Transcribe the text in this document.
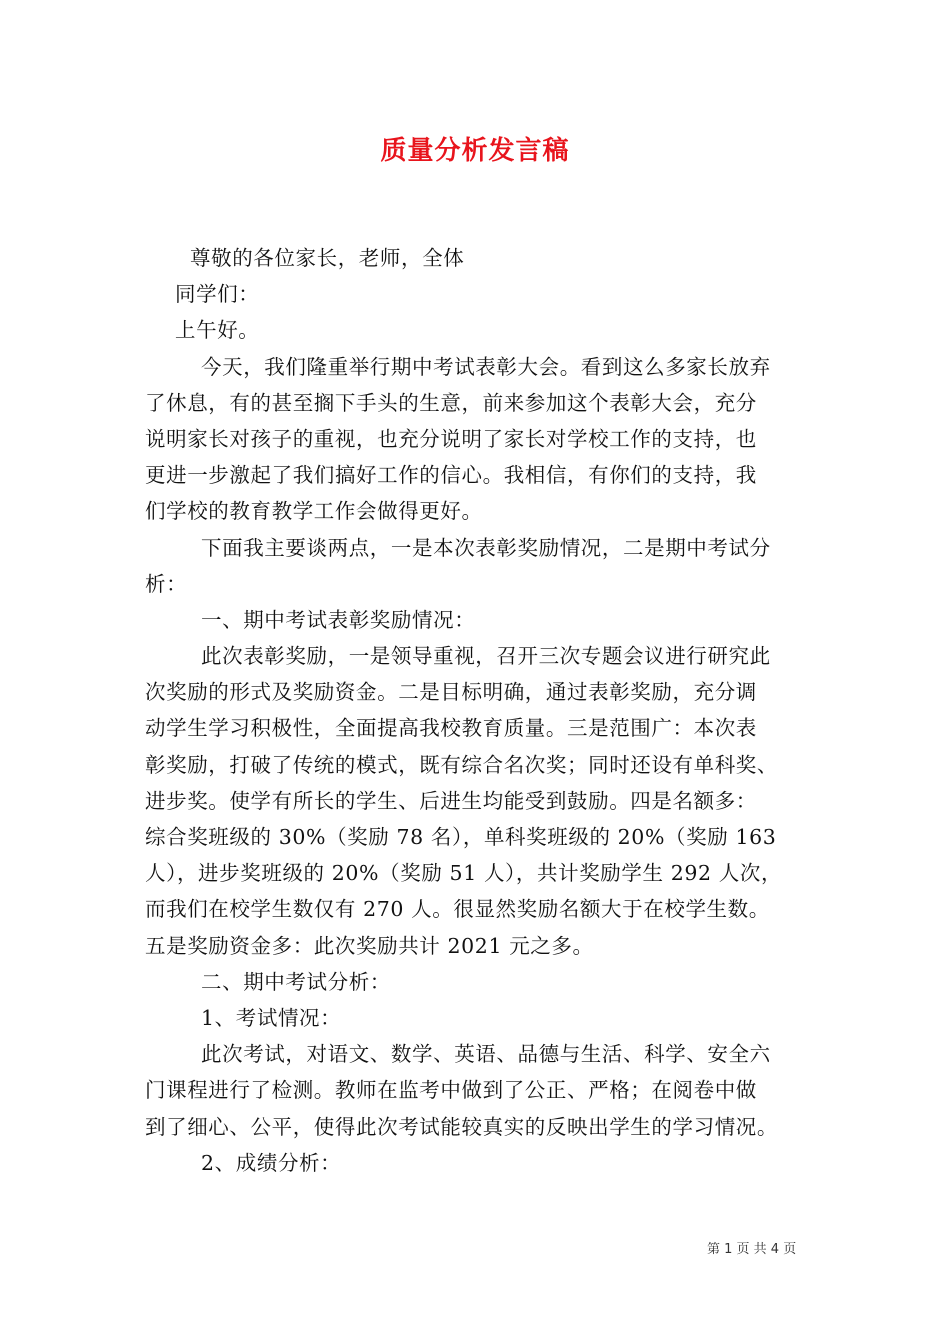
质量分析发言稿
尊敬的各位家长，老师，全体
同学们：
上午好。
今天，我们隆重举行期中考试表彰大会。看到这么多家长放弃
了休息，有的甚至搁下手头的生意，前来参加这个表彰大会，充分
说明家长对孩子的重视，也充分说明了家长对学校工作的支持，也
更进一步激起了我们搞好工作的信心。我相信，有你们的支持，我
们学校的教育教学工作会做得更好。
下面我主要谈两点，一是本次表彰奖励情况，二是期中考试分
析：
一、期中考试表彰奖励情况：
此次表彰奖励，一是领导重视，召开三次专题会议进行研究此
次奖励的形式及奖励资金。二是目标明确，通过表彰奖励，充分调
动学生学习积极性，全面提高我校教育质量。三是范围广：本次表
彰奖励，打破了传统的模式，既有综合名次奖；同时还设有单科奖、
进步奖。使学有所长的学生、后进生均能受到鼓励。四是名额多：
综合奖班级的 30%（奖励 78 名），单科奖班级的 20%（奖励 163
人），进步奖班级的 20%（奖励 51 人），共计奖励学生 292 人次，
而我们在校学生数仅有 270 人。很显然奖励名额大于在校学生数。
五是奖励资金多：此次奖励共计 2021 元之多。
二、期中考试分析：
1、考试情况：
此次考试，对语文、数学、英语、品德与生活、科学、安全六
门课程进行了检测。教师在监考中做到了公正、严格；在阅卷中做
到了细心、公平，使得此次考试能较真实的反映出学生的学习情况。
2、成绩分析：
第 1 页 共 4 页
